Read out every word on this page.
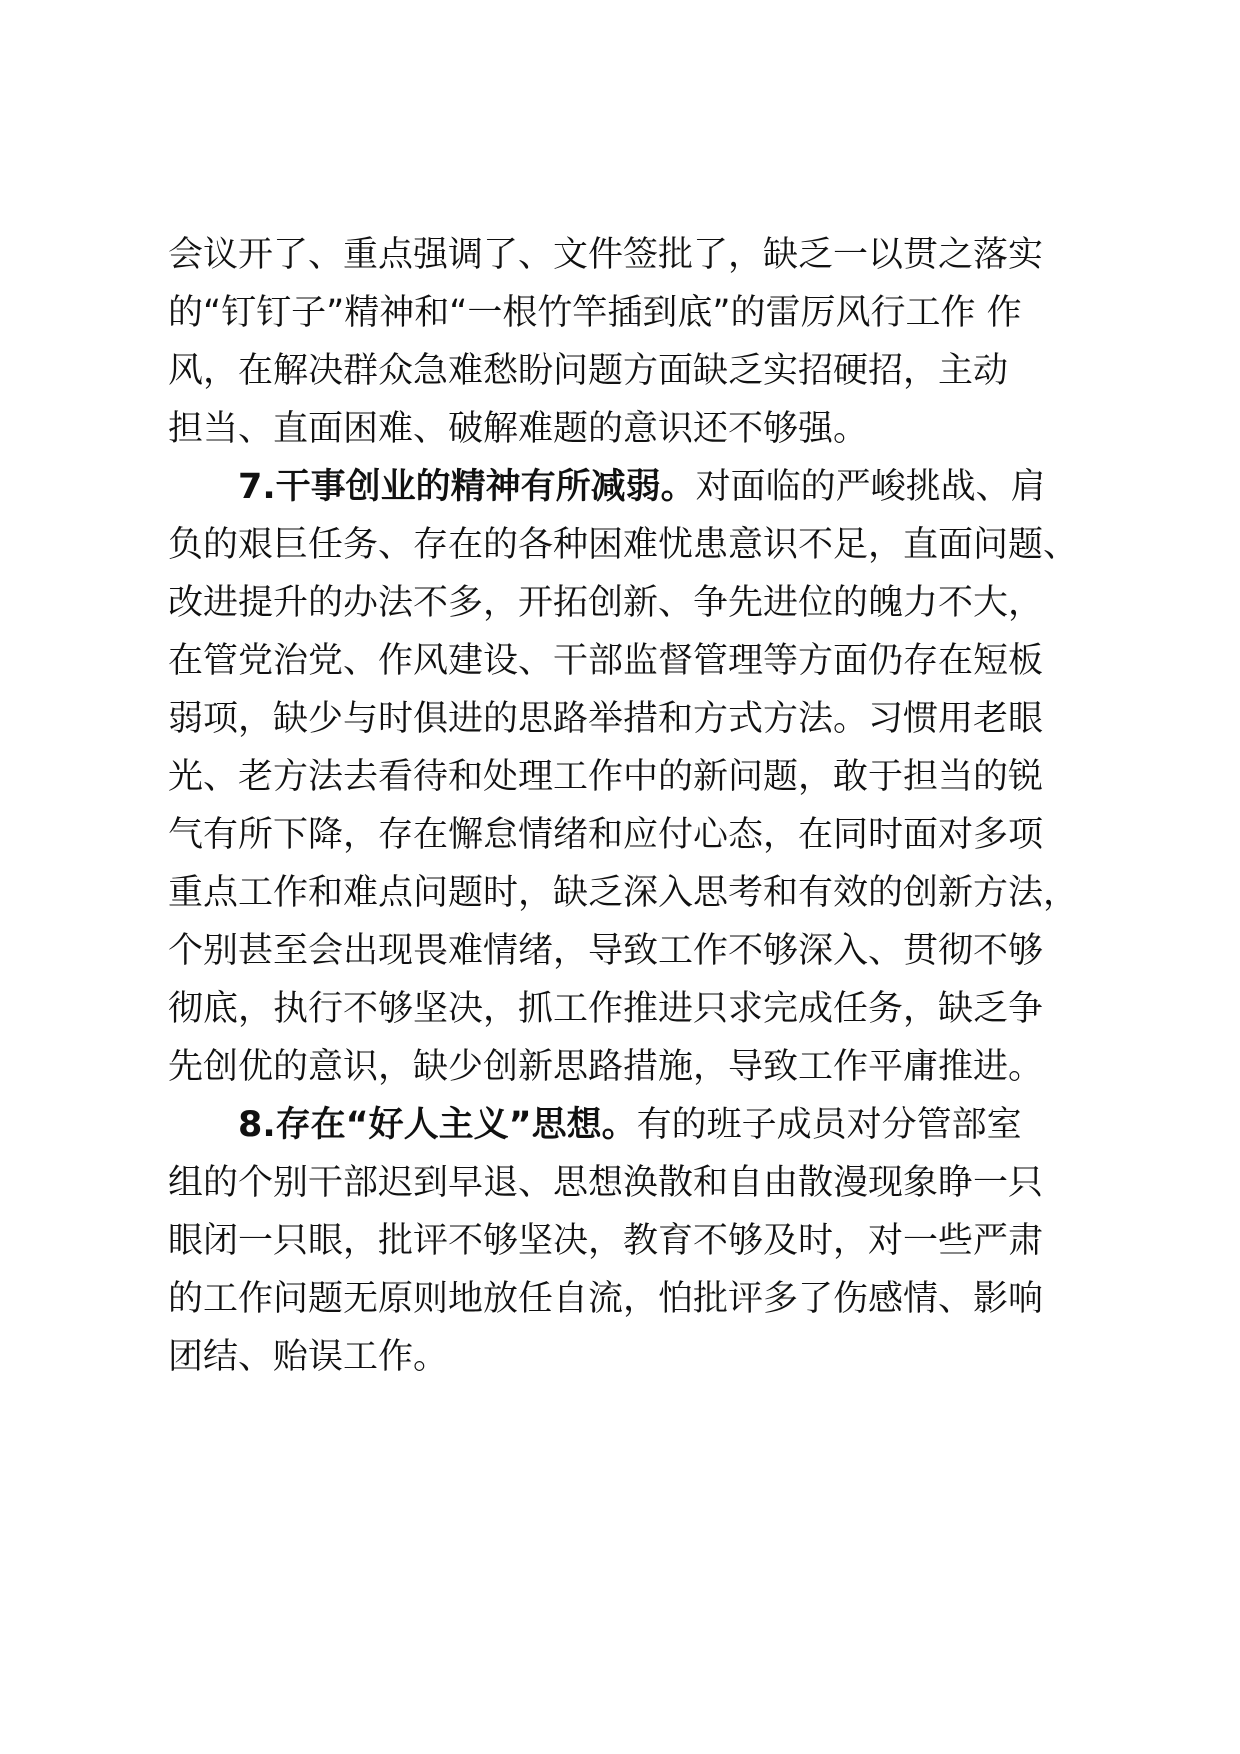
会议开了、重点强调了、文件签批了，缺乏一以贯之落实
的“钉钉子”精神和“一根竹竿插到底”的雷厉风行工作 作
风，在解决群众急难愁盼问题方面缺乏实招硬招，主动
担当、直面困难、破解难题的意识还不够强。
7.干事创业的精神有所减弱。对面临的严峻挑战、肩
负的艰巨任务、存在的各种困难忧患意识不足，直面问题、
改进提升的办法不多，开拓创新、争先进位的魄力不大，
在管党治党、作风建设、干部监督管理等方面仍存在短板
弱项，缺少与时俱进的思路举措和方式方法。习惯用老眼
光、老方法去看待和处理工作中的新问题，敢于担当的锐
气有所下降，存在懈怠情绪和应付心态，在同时面对多项
重点工作和难点问题时，缺乏深入思考和有效的创新方法，
个别甚至会出现畏难情绪，导致工作不够深入、贯彻不够
彻底，执行不够坚决，抓工作推进只求完成任务，缺乏争
先创优的意识，缺少创新思路措施，导致工作平庸推进。
8.存在“好人主义”思想。有的班子成员对分管部室
组的个别干部迟到早退、思想涣散和自由散漫现象睁一只
眼闭一只眼，批评不够坚决，教育不够及时，对一些严肃
的工作问题无原则地放任自流，怕批评多了伤感情、影响
团结、贻误工作。
